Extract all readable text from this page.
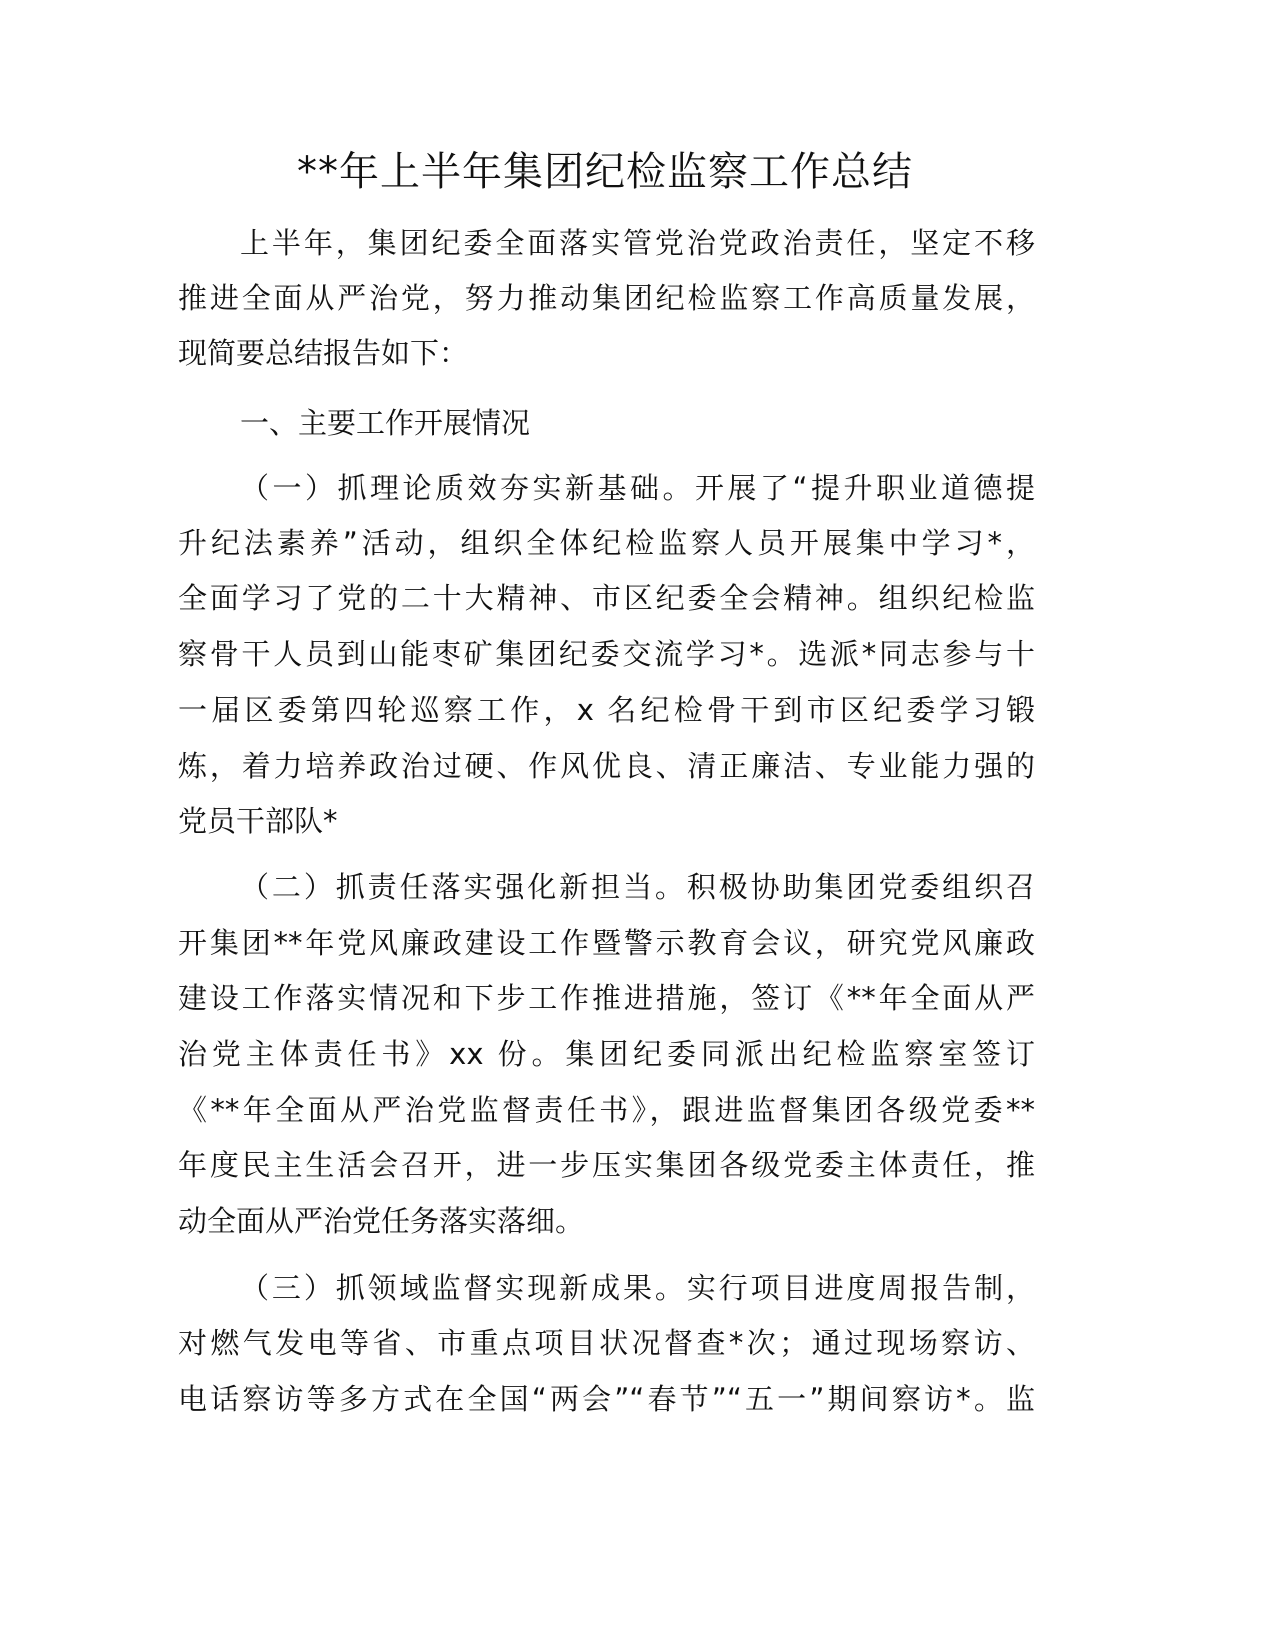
**年上半年集团纪检监察工作总结
上半年，集团纪委全面落实管党治党政治责任，坚定不移
推进全面从严治党，努力推动集团纪检监察工作高质量发展，
现简要总结报告如下：
一、主要工作开展情况
（一）抓理论质效夯实新基础。开展了“提升职业道德提
升纪法素养”活动，组织全体纪检监察人员开展集中学习*，
全面学习了党的二十大精神、市区纪委全会精神。组织纪检监
察骨干人员到山能枣矿集团纪委交流学习*。选派*同志参与十
一届区委第四轮巡察工作，x 名纪检骨干到市区纪委学习锻
炼，着力培养政治过硬、作风优良、清正廉洁、专业能力强的
党员干部队*
（二）抓责任落实强化新担当。积极协助集团党委组织召
开集团**年党风廉政建设工作暨警示教育会议，研究党风廉政
建设工作落实情况和下步工作推进措施，签订《**年全面从严
治党主体责任书》xx 份。集团纪委同派出纪检监察室签订
《**年全面从严治党监督责任书》，跟进监督集团各级党委**
年度民主生活会召开，进一步压实集团各级党委主体责任，推
动全面从严治党任务落实落细。
（三）抓领域监督实现新成果。实行项目进度周报告制，
对燃气发电等省、市重点项目状况督查*次；通过现场察访、
电话察访等多方式在全国“两会”“春节”“五一”期间察访*。监
